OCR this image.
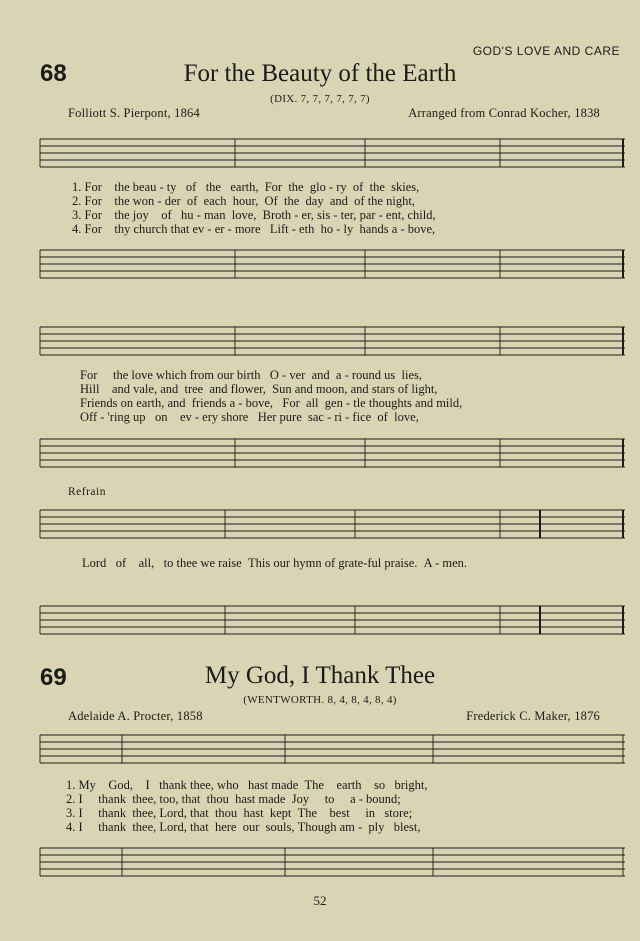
GOD'S LOVE AND CARE
68	For the Beauty of the Earth
(DIX. 7, 7, 7, 7, 7, 7)
Folliott S. Pierpont, 1864	Arranged from Conrad Kocher, 1838
1. For
the beau - ty
of
the
earth,
For
the
glo - ry
of
the
skies,
2. For
the won - der
of
each
hour,
Of
the
day
and
of the
night,
3. For
the joy
of
hu - man
love,
Broth - er,
sis - ter,
par - ent,
child,
4. For
thy church that
ev - er - more
Lift - eth
ho - ly
hands
a - bove,
For
the love which from our birth
O - ver
and
a - round us
lies,
Hill
and vale, and
tree
and flower,
Sun and moon, and
stars of
light,
Friends on earth, and
friends a - bove,
For
all
gen - tle thoughts and mild,
Off - 'ring up
on
ev - ery shore
Her pure
sac - ri - fice
of
love,
Refrain
Lord
of
all,
to
thee we raise
This our hymn
of
grate-ful praise.
A - men.
69	My God, I Thank Thee
(WENTWORTH. 8, 4, 8, 4, 8, 4)
Adelaide A. Procter, 1858	Frederick C. Maker, 1876
1. My
God,
I
thank thee,
who
hast
made
The
earth
so
bright,
2. I
thank
thee, too,
that
thou
hast
made
Joy
to
a -
bound;
3. I
thank
thee, Lord,
that
thou
hast
kept
The
best
in
store;
4. I
thank
thee, Lord,
that
here
our
souls,
Though am -
ply
blest,
52
